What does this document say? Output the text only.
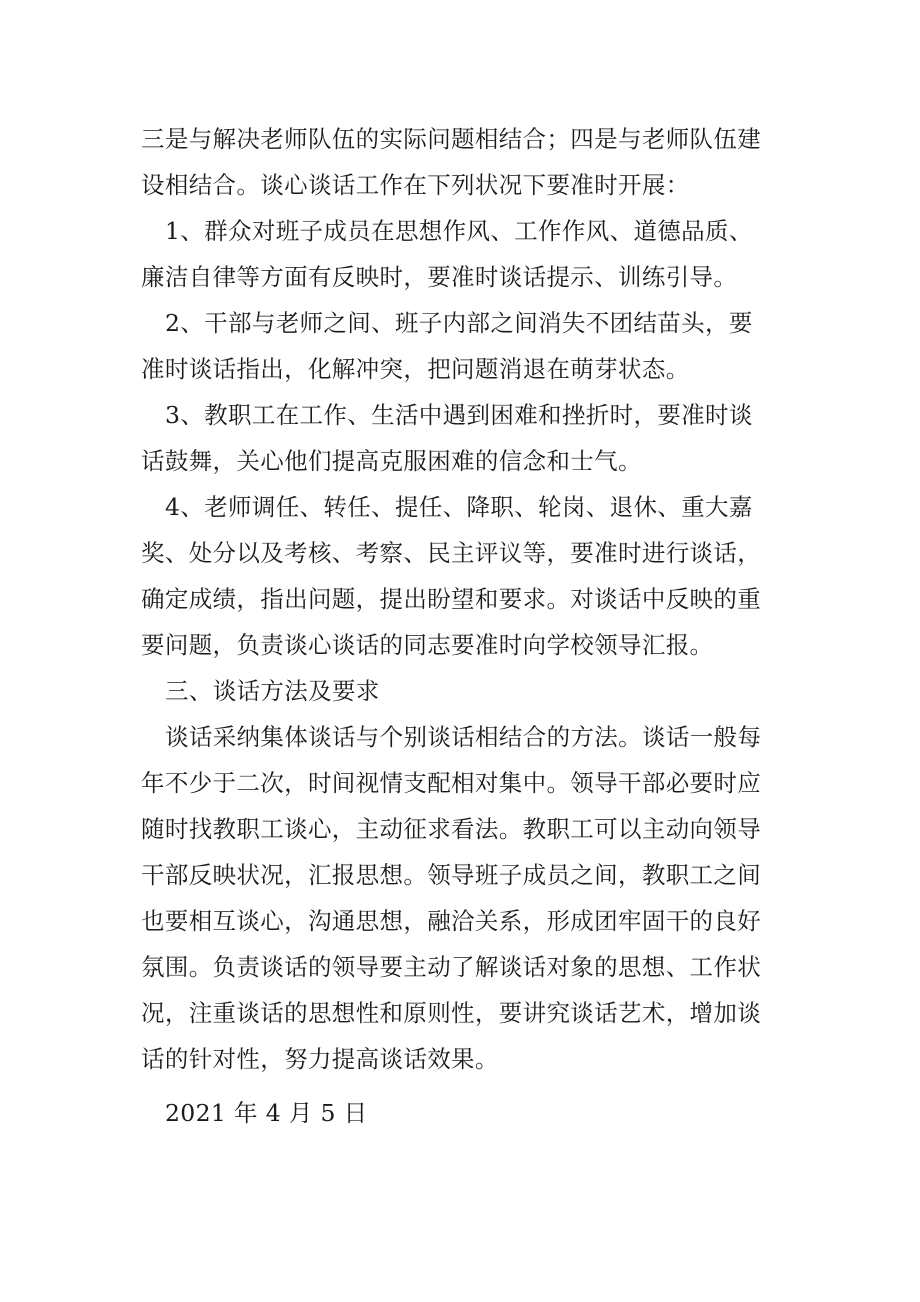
三是与解决老师队伍的实际问题相结合；四是与老师队伍建
设相结合。谈心谈话工作在下列状况下要准时开展：
1、群众对班子成员在思想作风、工作作风、道德品质、
廉洁自律等方面有反映时，要准时谈话提示、训练引导。
2、干部与老师之间、班子内部之间消失不团结苗头，要
准时谈话指出，化解冲突，把问题消退在萌芽状态。
3、教职工在工作、生活中遇到困难和挫折时，要准时谈
话鼓舞，关心他们提高克服困难的信念和士气。
4、老师调任、转任、提任、降职、轮岗、退休、重大嘉
奖、处分以及考核、考察、民主评议等，要准时进行谈话，
确定成绩，指出问题，提出盼望和要求。对谈话中反映的重
要问题，负责谈心谈话的同志要准时向学校领导汇报。
三、谈话方法及要求
谈话采纳集体谈话与个别谈话相结合的方法。谈话一般每
年不少于二次，时间视情支配相对集中。领导干部必要时应
随时找教职工谈心，主动征求看法。教职工可以主动向领导
干部反映状况，汇报思想。领导班子成员之间，教职工之间
也要相互谈心，沟通思想，融洽关系，形成团牢固干的良好
氛围。负责谈话的领导要主动了解谈话对象的思想、工作状
况，注重谈话的思想性和原则性，要讲究谈话艺术，增加谈
话的针对性，努力提高谈话效果。
2021 年 4 月 5 日
